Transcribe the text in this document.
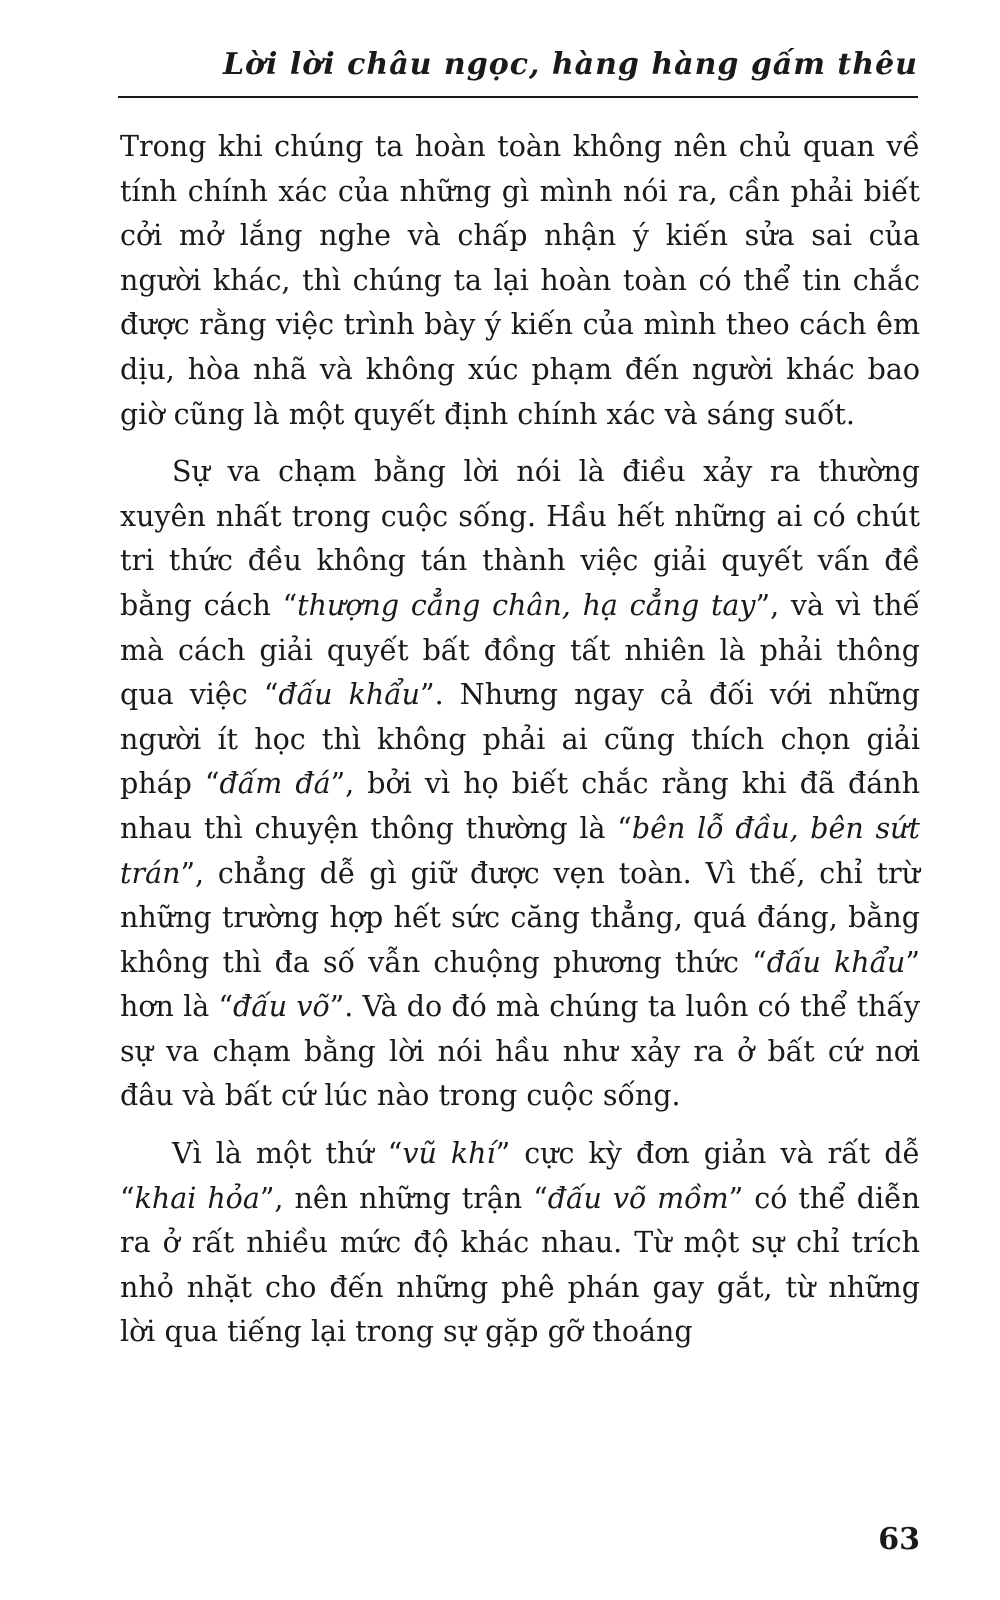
Lời lời châu ngọc, hàng hàng gấm thêu

Trong khi chúng ta hoàn toàn không nên chủ quan về tính chính xác của những gì mình nói ra, cần phải biết cởi mở lắng nghe và chấp nhận ý kiến sửa sai của người khác, thì chúng ta lại hoàn toàn có thể tin chắc được rằng việc trình bày ý kiến của mình theo cách êm dịu, hòa nhã và không xúc phạm đến người khác bao giờ cũng là một quyết định chính xác và sáng suốt.

Sự va chạm bằng lời nói là điều xảy ra thường xuyên nhất trong cuộc sống. Hầu hết những ai có chút tri thức đều không tán thành việc giải quyết vấn đề bằng cách “thượng cẳng chân, hạ cẳng tay”, và vì thế mà cách giải quyết bất đồng tất nhiên là phải thông qua việc “đấu khẩu”. Nhưng ngay cả đối với những người ít học thì không phải ai cũng thích chọn giải pháp “đấm đá”, bởi vì họ biết chắc rằng khi đã đánh nhau thì chuyện thông thường là “bên lỗ đầu, bên sứt trán”, chẳng dễ gì giữ được vẹn toàn. Vì thế, chỉ trừ những trường hợp hết sức căng thẳng, quá đáng, bằng không thì đa số vẫn chuộng phương thức “đấu khẩu” hơn là “đấu võ”. Và do đó mà chúng ta luôn có thể thấy sự va chạm bằng lời nói hầu như xảy ra ở bất cứ nơi đâu và bất cứ lúc nào trong cuộc sống.

Vì là một thứ “vũ khí” cực kỳ đơn giản và rất dễ “khai hỏa”, nên những trận “đấu võ mồm” có thể diễn ra ở rất nhiều mức độ khác nhau. Từ một sự chỉ trích nhỏ nhặt cho đến những phê phán gay gắt, từ những lời qua tiếng lại trong sự gặp gỡ thoáng

63
